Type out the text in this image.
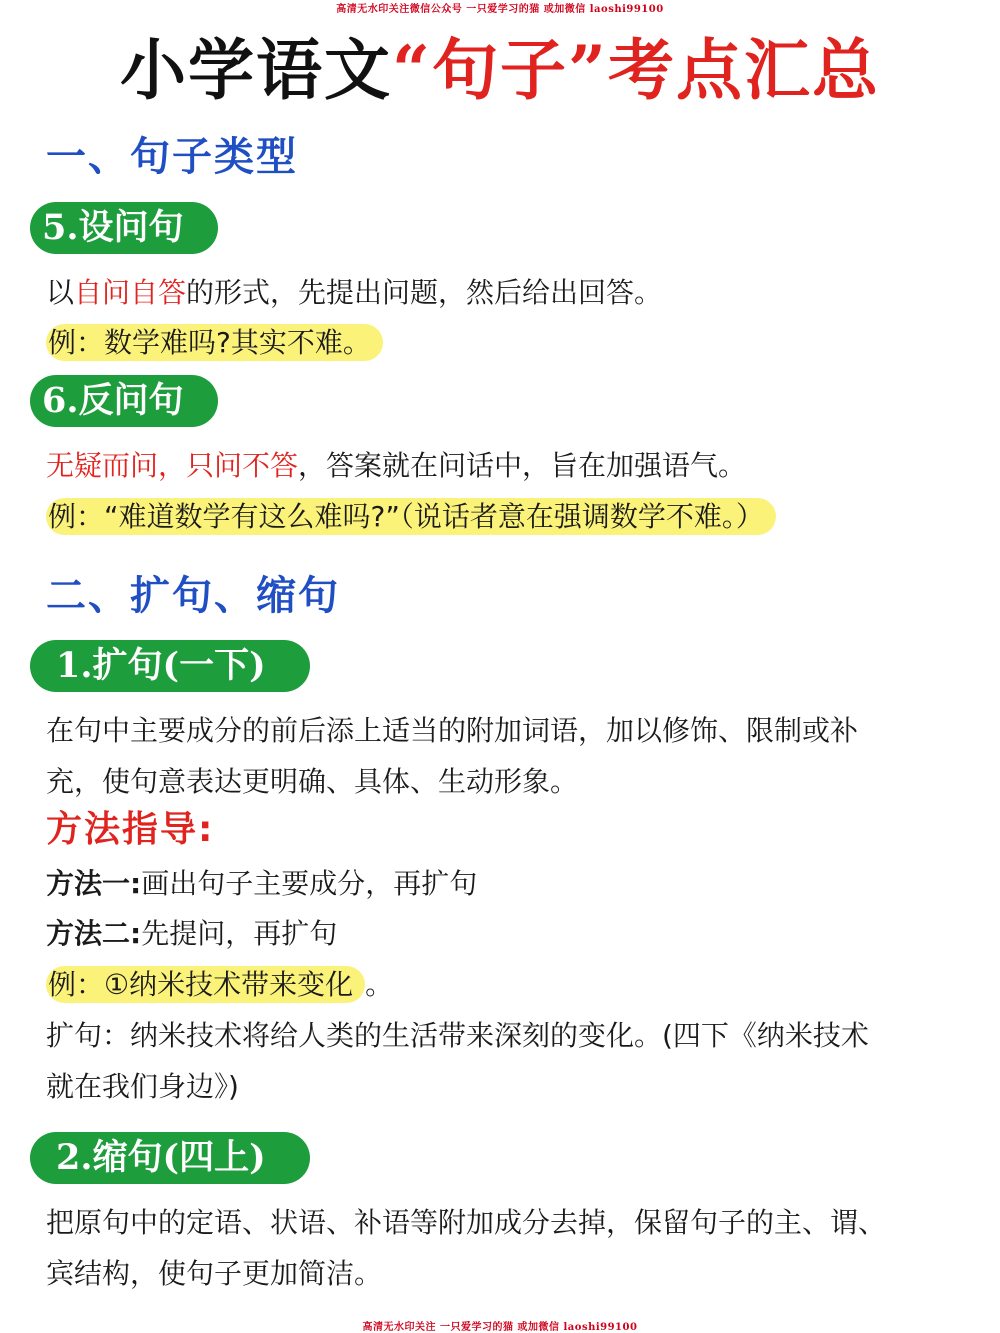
高清无水印关注微信公众号 一只爱学习的猫 或加微信 laoshi99100
小学语文“句子”考点汇总
一、句子类型
5.设问句
以自问自答的形式，先提出问题，然后给出回答。
例：数学难吗?其实不难。
6.反问句
无疑而问，只问不答，答案就在问话中，旨在加强语气。
例：“难道数学有这么难吗?”（说话者意在强调数学不难。）
二、扩句、缩句
1.扩句(一下)
在句中主要成分的前后添上适当的附加词语，加以修饰、限制或补
充，使句意表达更明确、具体、生动形象。
方法指导:
方法一:画出句子主要成分，再扩句
方法二:先提问，再扩句
例：①纳米技术带来变化 。
扩句：纳米技术将给人类的生活带来深刻的变化。(四下《纳米技术
就在我们身边》)
2.缩句(四上)
把原句中的定语、状语、补语等附加成分去掉，保留句子的主、谓、
宾结构，使句子更加简洁。
高清无水印关注 一只爱学习的猫 或加微信 laoshi99100
